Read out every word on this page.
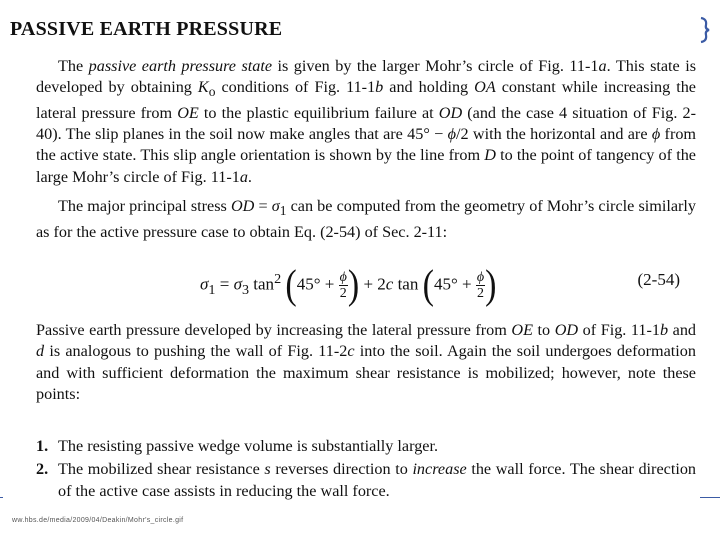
PASSIVE EARTH PRESSURE
The passive earth pressure state is given by the larger Mohr’s circle of Fig. 11-1a. This state is developed by obtaining $K_o$ conditions of Fig. 11-1b and holding OA constant while increasing the lateral pressure from OE to the plastic equilibrium failure at OD (and the case 4 situation of Fig. 2-40). The slip planes in the soil now make angles that are 45° − ϕ/2 with the horizontal and are ϕ from the active state. This slip angle orientation is shown by the line from D to the point of tangency of the large Mohr’s circle of Fig. 11-1a.
The major principal stress OD = $\sigma_1$ can be computed from the geometry of Mohr’s circle similarly as for the active pressure case to obtain Eq. (2-54) of Sec. 2-11:
$\sigma_1 = \sigma_3$ $\tan^2 (45^\circ + \frac{\phi}{2}$ ) + 2c $\tan (45^\circ + \frac{\phi}{2}$ )	(2-54)
Passive earth pressure developed by increasing the lateral pressure from OE to OD of Fig. 11-1b and d is analogous to pushing the wall of Fig. 11-2c into the soil. Again the soil undergoes deformation and with sufficient deformation the maximum shear resistance is mobilized; however, note these points:
1. The resisting passive wedge volume is substantially larger.
2. The mobilized shear resistance s reverses direction to increase the wall force. The shear direction of the active case assists in reducing the wall force.
ww.hbs.de/media/2009/04/Deakin/Mohr's_circle.gif
